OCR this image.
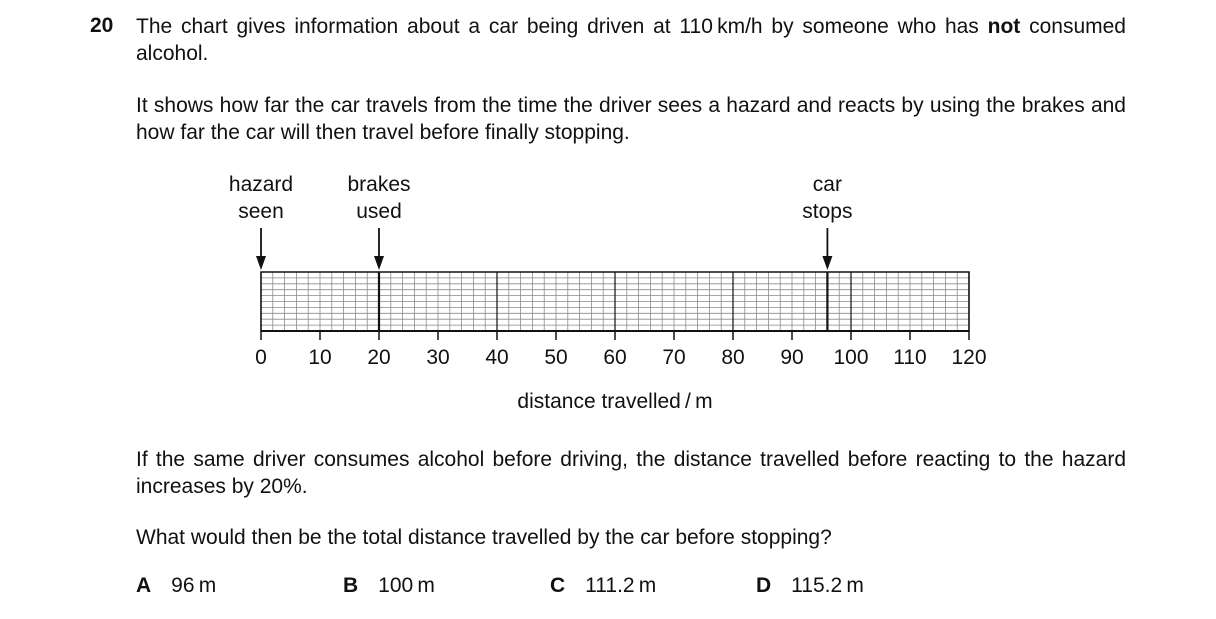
20 The chart gives information about a car being driven at 110 km/h by someone who has not consumed alcohol.
It shows how far the car travels from the time the driver sees a hazard and reacts by using the brakes and how far the car will then travel before finally stopping.
hazard
seen
brakes
used
car
stops
0 10 20 30 40 50 60 70 80 90 100 110 120
distance travelled / m
If the same driver consumes alcohol before driving, the distance travelled before reacting to the hazard increases by 20%.
What would then be the total distance travelled by the car before stopping?
A 96 m	B 100 m	C 111.2 m	D 115.2 m
